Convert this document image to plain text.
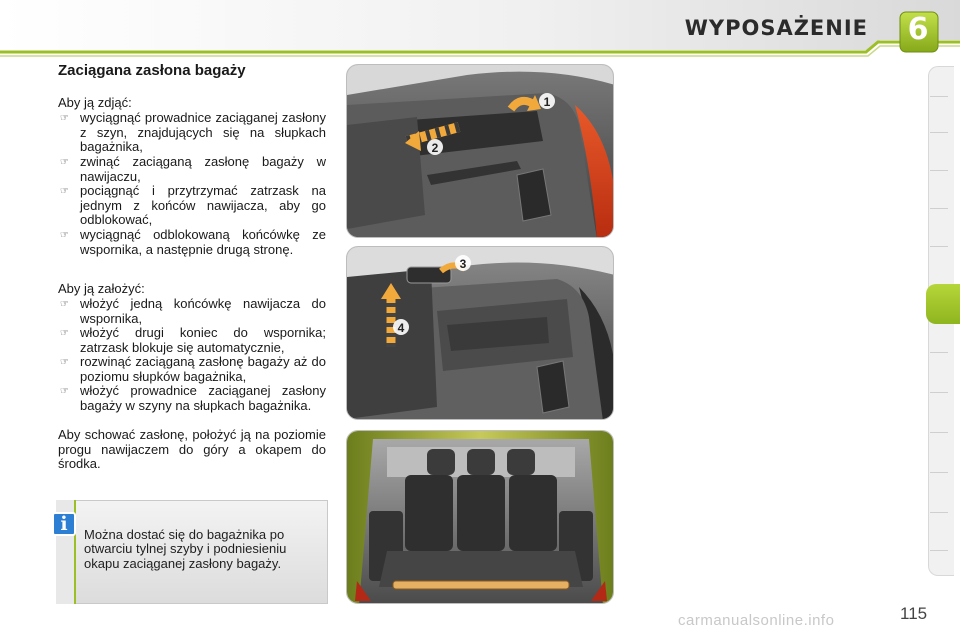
WYPOSAŻENIE	6
Zaciągana zasłona bagaży
Aby ją zdjąć:
☞ wyciągnąć prowadnice zaciąganej zasłony z szyn, znajdujących się na słupkach bagażnika,
☞ zwinąć zaciąganą zasłonę bagaży w nawijaczu,
☞ pociągnąć i przytrzymać zatrzask na jednym z końców nawijacza, aby go odblokować,
☞ wyciągnąć odblokowaną końcówkę ze wspornika, a następnie drugą stronę.
Aby ją założyć:
☞ włożyć jedną końcówkę nawijacza do wspornika,
☞ włożyć drugi koniec do wspornika; zatrzask blokuje się automatycznie,
☞ rozwinąć zaciąganą zasłonę bagaży aż do poziomu słupków bagażnika,
☞ włożyć prowadnice zaciąganej zasłony bagaży w szyny na słupkach bagażnika.
Aby schować zasłonę, położyć ją na poziomie progu nawijaczem do góry a okapem do środka.
i	Można dostać się do bagażnika po otwarciu tylnej szyby i podniesieniu okapu zaciąganej zasłony bagaży.
1
2
3
4
carmanualsonline.info	115
